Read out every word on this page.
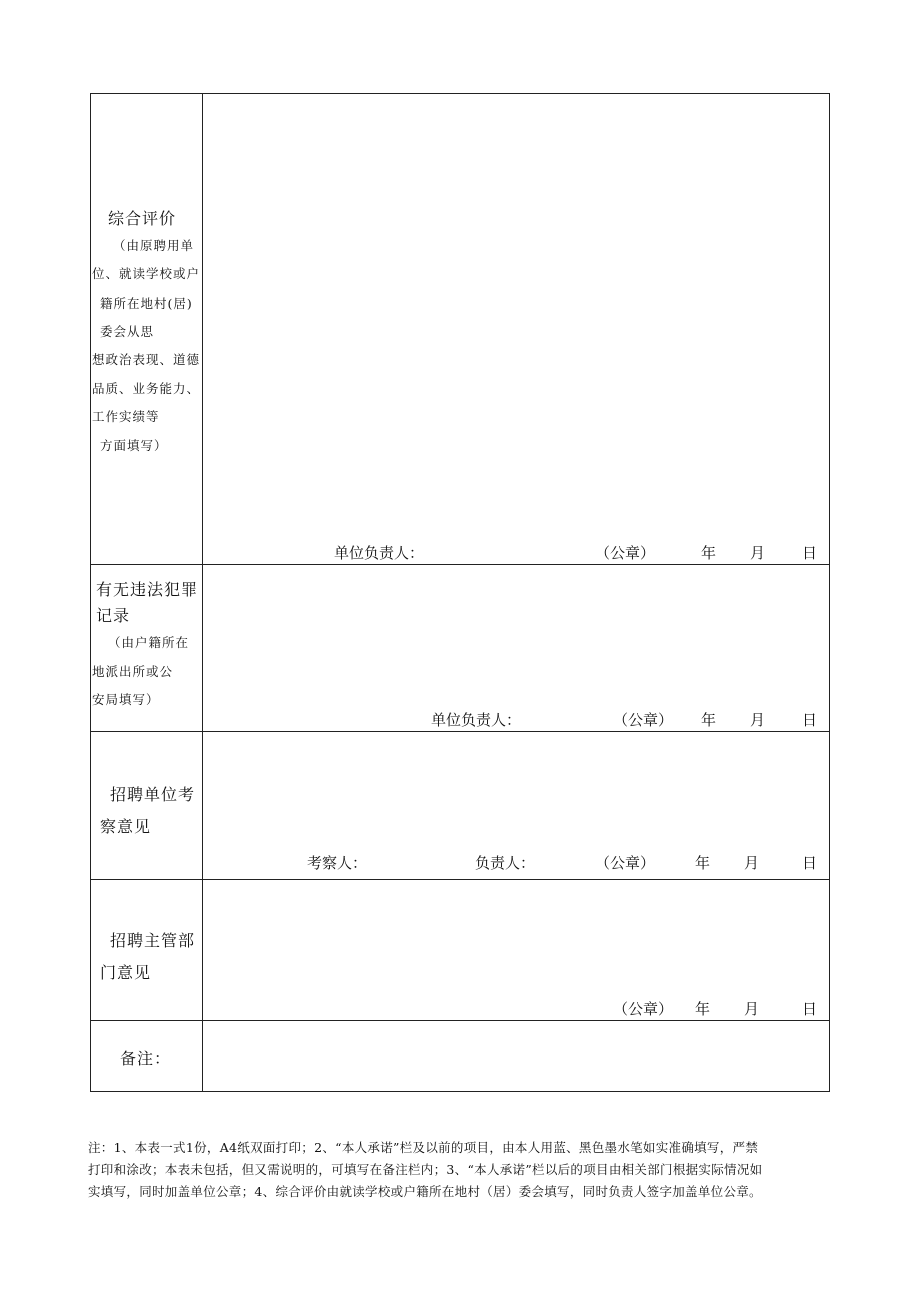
综合评价
（由原聘用单
位、就读学校或户
籍所在地村(居)
委会从思
想政治表现、道德
品质、业务能力、
工作实绩等
方面填写）
单位负责人：	（公章）	年 月 日
有无违法犯罪
记录
（由户籍所在
地派出所或公
安局填写）
单位负责人：	（公章） 年 月 日
招聘单位考
察意见
考察人：	负责人：	（公章）	年 月	日
招聘主管部
门意见
（公章） 年 月	日
备注：
注：1、本表一式1份，A4纸双面打印；2、“本人承诺”栏及以前的项目，由本人用蓝、黑色墨水笔如实准确填写，严禁
打印和涂改；本表未包括，但又需说明的，可填写在备注栏内；3、“本人承诺”栏以后的项目由相关部门根据实际情况如
实填写，同时加盖单位公章；4、综合评价由就读学校或户籍所在地村（居）委会填写，同时负责人签字加盖单位公章。
